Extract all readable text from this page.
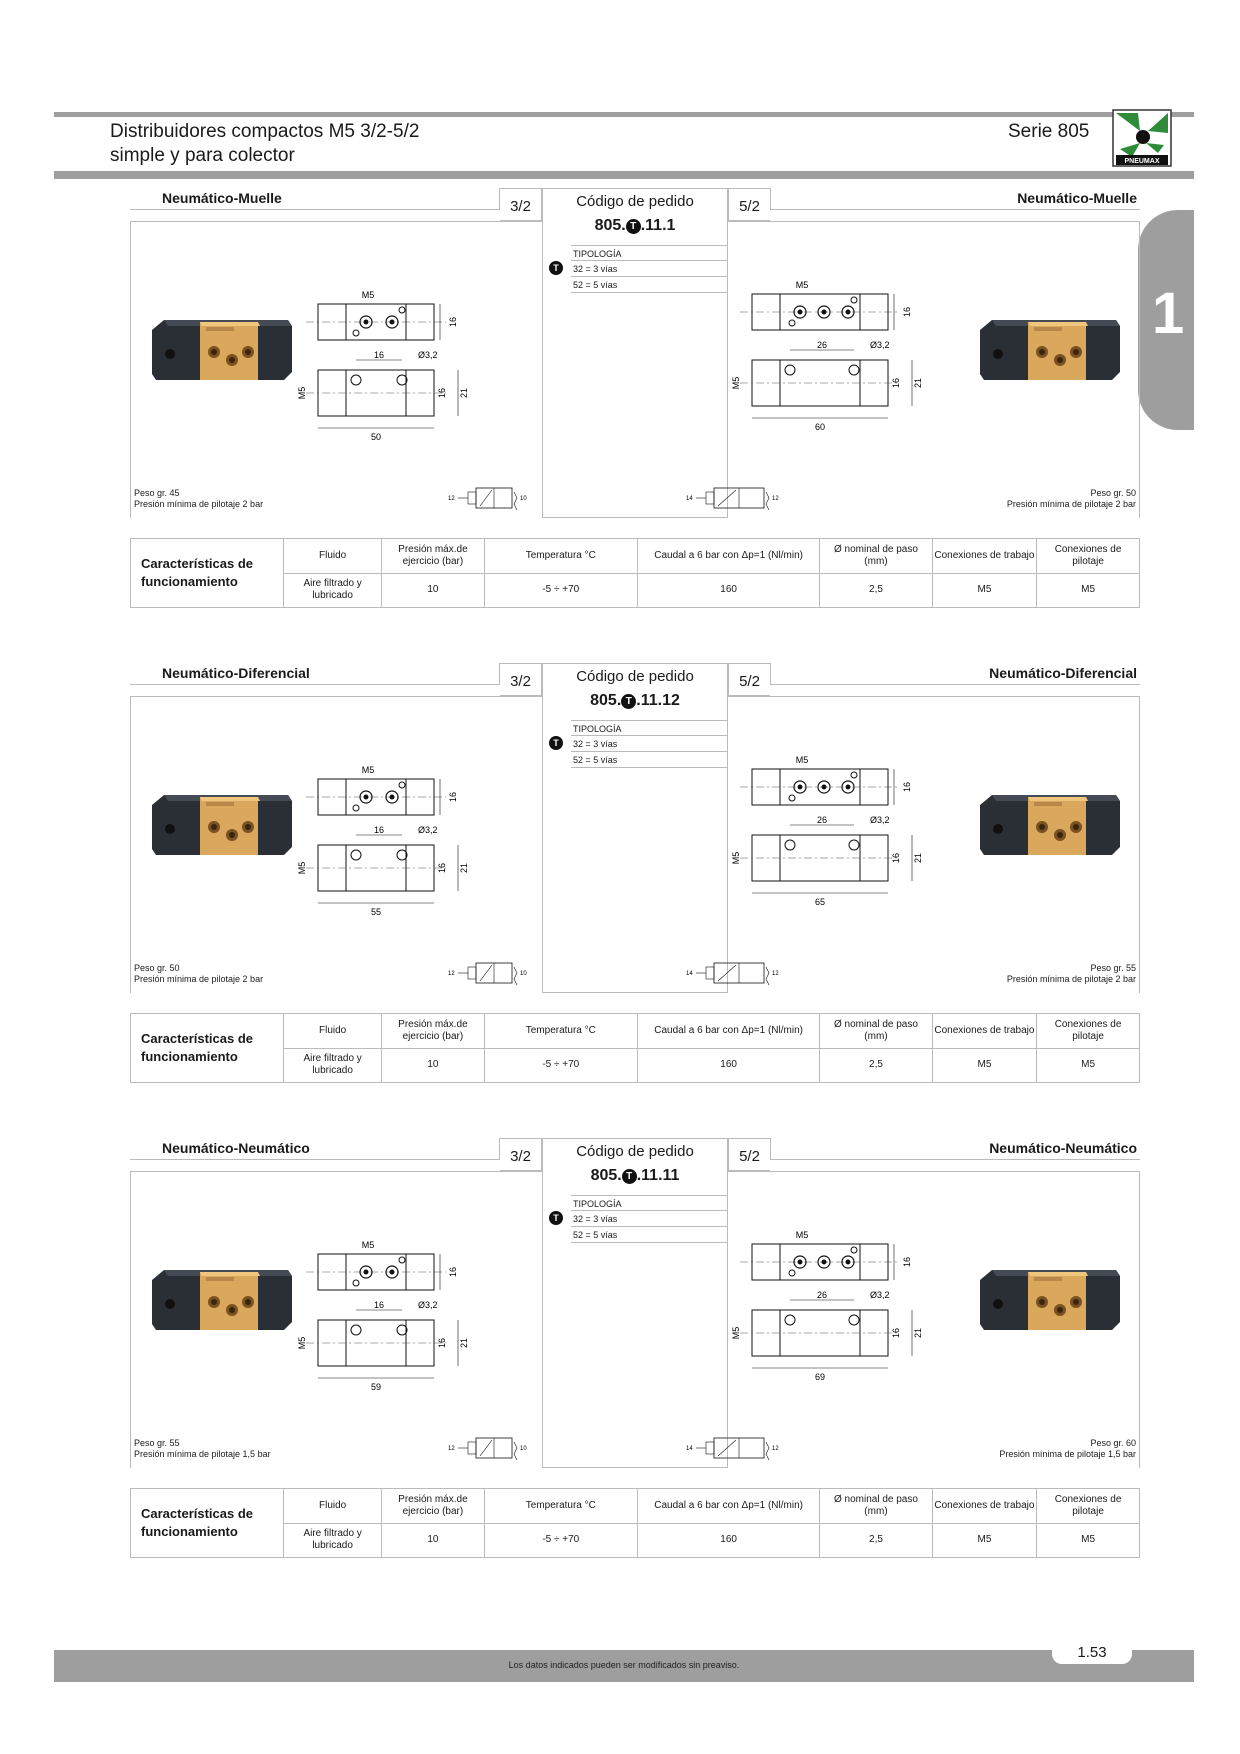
Distribuidores compactos M5 3/2-5/2
simple y para colector
Serie 805
PNEUMAX
1
Neumático-Muelle	3/2	5/2	Neumático-Muelle
Código de pedido
805. T .11.1
T
TIPOLOGÍA
32 = 3 vías
52 = 5 vías
M5
16
16	Ø3,2
M5	16 21
50
M5
16
26	Ø3,2
M5	16 21
60
Peso gr. 45
Presión mínima de pilotaje 2 bar
Peso gr. 50
Presión mínima de pilotaje 2 bar
12	10	14	12
Características de funcionamiento
Fluido	Presión máx.de ejercicio (bar)	Temperatura °C	Caudal a 6 bar con Δp=1 (Nl/min)	Ø nominal de paso (mm)	Conexiones de trabajo	Conexiones de pilotaje
Aire filtrado y lubricado	10	-5 ÷ +70	160	2,5	M5	M5
Neumático-Diferencial	3/2	5/2	Neumático-Diferencial
Código de pedido
805. T .11.12
T
TIPOLOGÍA
32 = 3 vías
52 = 5 vías
M5
16
16	Ø3,2
M5	16 21
55
M5
16
26	Ø3,2
M5	16 21
65
Peso gr. 50
Presión mínima de pilotaje 2 bar
Peso gr. 55
Presión mínima de pilotaje 2 bar
12	10	14	12
Características de funcionamiento
Fluido	Presión máx.de ejercicio (bar)	Temperatura °C	Caudal a 6 bar con Δp=1 (Nl/min)	Ø nominal de paso (mm)	Conexiones de trabajo	Conexiones de pilotaje
Aire filtrado y lubricado	10	-5 ÷ +70	160	2,5	M5	M5
Neumático-Neumático	3/2	5/2	Neumático-Neumático
Código de pedido
805. T .11.11
T
TIPOLOGÍA
32 = 3 vías
52 = 5 vías
M5
16
16	Ø3,2
M5	16 21
59
M5
16
26	Ø3,2
M5	16 21
69
Peso gr. 55
Presión mínima de pilotaje 1,5 bar
Peso gr. 60
Presión mínima de pilotaje 1,5 bar
12	10	14	12
Características de funcionamiento
Fluido	Presión máx.de ejercicio (bar)	Temperatura °C	Caudal a 6 bar con Δp=1 (Nl/min)	Ø nominal de paso (mm)	Conexiones de trabajo	Conexiones de pilotaje
Aire filtrado y lubricado	10	-5 ÷ +70	160	2,5	M5	M5
Los datos indicados pueden ser modificados sin preaviso.
1.53
